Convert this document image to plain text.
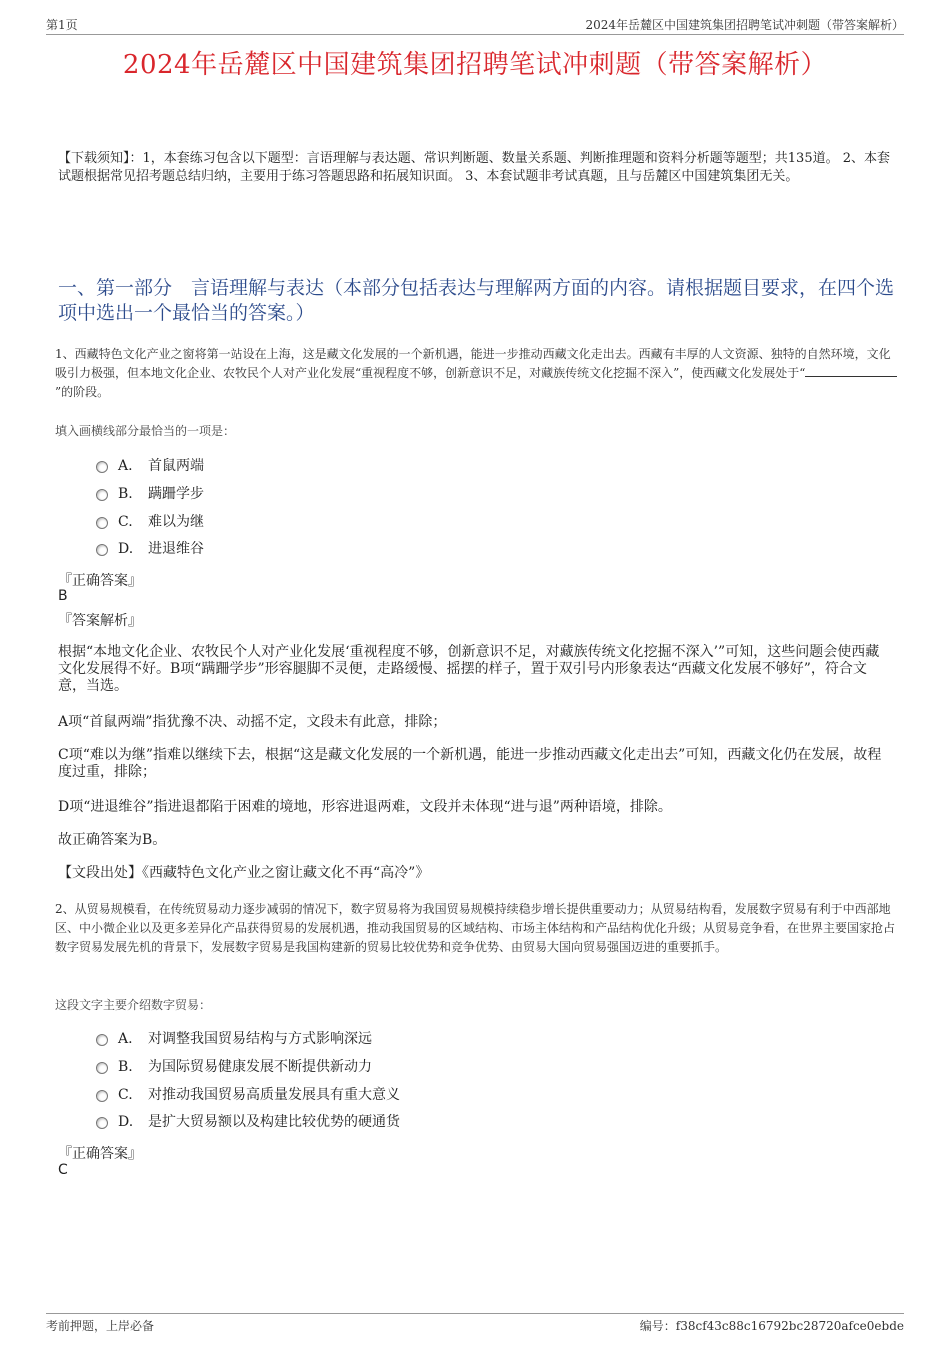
第1页	2024年岳麓区中国建筑集团招聘笔试冲刺题（带答案解析）
2024年岳麓区中国建筑集团招聘笔试冲刺题（带答案解析）
【下载须知】：1，本套练习包含以下题型：言语理解与表达题、常识判断题、数量关系题、判断推理题和资料分析题等题型；共135道。 2、本套试题根据常见招考题总结归纳，主要用于练习答题思路和拓展知识面。 3、本套试题非考试真题，且与岳麓区中国建筑集团无关。
一、第一部分　言语理解与表达（本部分包括表达与理解两方面的内容。请根据题目要求，在四个选项中选出一个最恰当的答案。）
1、西藏特色文化产业之窗将第一站设在上海，这是藏文化发展的一个新机遇，能进一步推动西藏文化走出去。西藏有丰厚的人文资源、独特的自然环境，文化吸引力极强，但本地文化企业、农牧民个人对产业化发展“重视程度不够，创新意识不足，对藏族传统文化挖掘不深入”，使西藏文化发展处于“”的阶段。
填入画横线部分最恰当的一项是：
A. 首鼠两端
B. 蹒跚学步
C. 难以为继
D. 进退维谷
『正确答案』
B
『答案解析』
根据“本地文化企业、农牧民个人对产业化发展‘重视程度不够，创新意识不足，对藏族传统文化挖掘不深入’”可知，这些问题会使西藏文化发展得不好。B项“蹒跚学步”形容腿脚不灵便，走路缓慢、摇摆的样子，置于双引号内形象表达“西藏文化发展不够好”，符合文意，当选。
A项“首鼠两端”指犹豫不决、动摇不定，文段未有此意，排除；
C项“难以为继”指难以继续下去，根据“这是藏文化发展的一个新机遇，能进一步推动西藏文化走出去”可知，西藏文化仍在发展，故程度过重，排除；
D项“进退维谷”指进退都陷于困难的境地，形容进退两难，文段并未体现“进与退”两种语境，排除。
故正确答案为B。
【文段出处】《西藏特色文化产业之窗让藏文化不再“高冷”》
2、从贸易规模看，在传统贸易动力逐步减弱的情况下，数字贸易将为我国贸易规模持续稳步增长提供重要动力；从贸易结构看，发展数字贸易有利于中西部地区、中小微企业以及更多差异化产品获得贸易的发展机遇，推动我国贸易的区域结构、市场主体结构和产品结构优化升级；从贸易竞争看，在世界主要国家抢占数字贸易发展先机的背景下，发展数字贸易是我国构建新的贸易比较优势和竞争优势、由贸易大国向贸易强国迈进的重要抓手。
这段文字主要介绍数字贸易：
A. 对调整我国贸易结构与方式影响深远
B. 为国际贸易健康发展不断提供新动力
C. 对推动我国贸易高质量发展具有重大意义
D. 是扩大贸易额以及构建比较优势的硬通货
『正确答案』
C
考前押题，上岸必备	编号：f38cf43c88c16792bc28720afce0ebde
